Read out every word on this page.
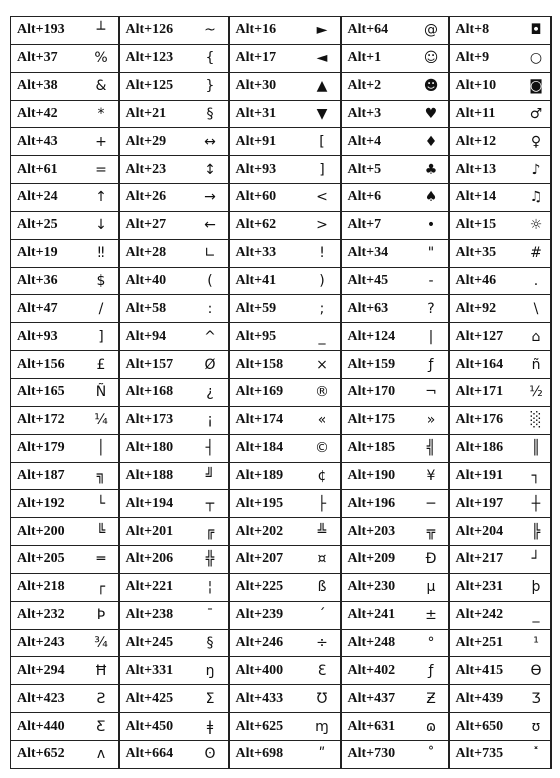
Alt+193	┴	Alt+126	~	Alt+16	►	Alt+64	@	Alt+8	◘
Alt+37	%	Alt+123	{	Alt+17	◄	Alt+1	☺	Alt+9	○
Alt+38	&	Alt+125	}	Alt+30	▲	Alt+2	☻	Alt+10	◙
Alt+42	*	Alt+21	§	Alt+31	▼	Alt+3	♥	Alt+11	♂
Alt+43	+	Alt+29	↔	Alt+91	[	Alt+4	♦	Alt+12	♀
Alt+61	=	Alt+23	↕	Alt+93	]	Alt+5	♣	Alt+13	♪
Alt+24	↑	Alt+26	→	Alt+60	<	Alt+6	♠	Alt+14	♫
Alt+25	↓	Alt+27	←	Alt+62	>	Alt+7	•	Alt+15	☼
Alt+19	‼	Alt+28	∟	Alt+33	!	Alt+34	"	Alt+35	#
Alt+36	$	Alt+40	(	Alt+41	)	Alt+45	-	Alt+46	.
Alt+47	/	Alt+58	:	Alt+59	;	Alt+63	?	Alt+92	\
Alt+93	]	Alt+94	^	Alt+95	_	Alt+124	|	Alt+127	⌂
Alt+156	£	Alt+157	Ø	Alt+158	×	Alt+159	ƒ	Alt+164	ñ
Alt+165	Ñ	Alt+168	¿	Alt+169	®	Alt+170	¬	Alt+171	½
Alt+172	¼	Alt+173	¡	Alt+174	«	Alt+175	»	Alt+176	░
Alt+179	│	Alt+180	┤	Alt+184	©	Alt+185	╣	Alt+186	║
Alt+187	╗	Alt+188	╝	Alt+189	¢	Alt+190	¥	Alt+191	┐
Alt+192	└	Alt+194	┬	Alt+195	├	Alt+196	─	Alt+197	┼
Alt+200	╚	Alt+201	╔	Alt+202	╩	Alt+203	╦	Alt+204	╠
Alt+205	═	Alt+206	╬	Alt+207	¤	Alt+209	Đ	Alt+217	┘
Alt+218	┌	Alt+221	¦	Alt+225	ß	Alt+230	µ	Alt+231	þ
Alt+232	Þ	Alt+238	¯	Alt+239	´	Alt+241	±	Alt+242	_
Alt+243	¾	Alt+245	§	Alt+246	÷	Alt+248	°	Alt+251	¹
Alt+294	Ħ	Alt+331	ŋ	Alt+400	Ɛ	Alt+402	ƒ	Alt+415	Ɵ
Alt+423	Ƨ	Alt+425	Ʃ	Alt+433	Ʊ	Alt+437	Ƶ	Alt+439	Ʒ
Alt+440	Ƹ	Alt+450	ǂ	Alt+625	ɱ	Alt+631	ɷ	Alt+650	ʊ
Alt+652	ʌ	Alt+664	ʘ	Alt+698	ʺ	Alt+730	˚	Alt+735	˟
